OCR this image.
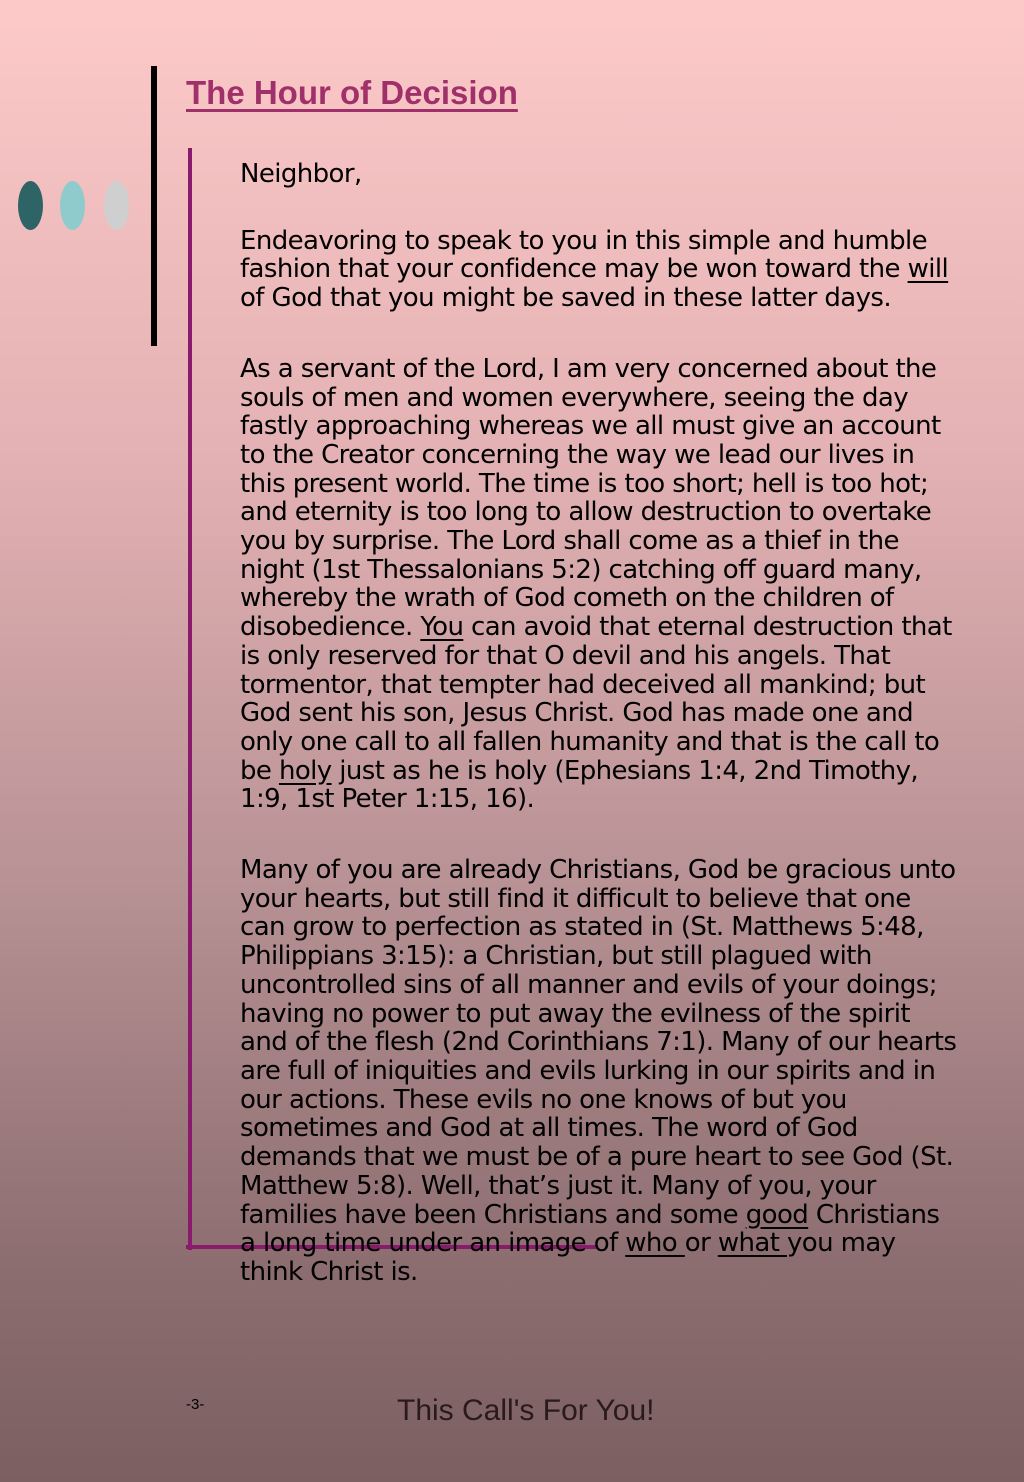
The Hour of Decision

Neighbor,

Endeavoring to speak to you in this simple and humble fashion that your confidence may be won toward the will of God that you might be saved in these latter days.

As a servant of the Lord, I am very concerned about the souls of men and women everywhere, seeing the day fastly approaching whereas we all must give an account to the Creator concerning the way we lead our lives in this present world. The time is too short; hell is too hot; and eternity is too long to allow destruction to overtake you by surprise. The Lord shall come as a thief in the night (1st Thessalonians 5:2) catching off guard many, whereby the wrath of God cometh on the children of disobedience. You can avoid that eternal destruction that is only reserved for that O devil and his angels. That tormentor, that tempter had deceived all mankind; but God sent his son, Jesus Christ. God has made one and only one call to all fallen humanity and that is the call to be holy just as he is holy (Ephesians 1:4, 2nd Timothy, 1:9, 1st Peter 1:15, 16).

Many of you are already Christians, God be gracious unto your hearts, but still find it difficult to believe that one can grow to perfection as stated in (St. Matthews 5:48, Philippians 3:15): a Christian, but still plagued with uncontrolled sins of all manner and evils of your doings; having no power to put away the evilness of the spirit and of the flesh (2nd Corinthians 7:1). Many of our hearts are full of iniquities and evils lurking in our spirits and in our actions. These evils no one knows of but you sometimes and God at all times. The word of God demands that we must be of a pure heart to see God (St. Matthew 5:8). Well, that’s just it. Many of you, your families have been Christians and some good Christians a long time under an image of who or what you may think Christ is.

-3-	This Call's For You!
